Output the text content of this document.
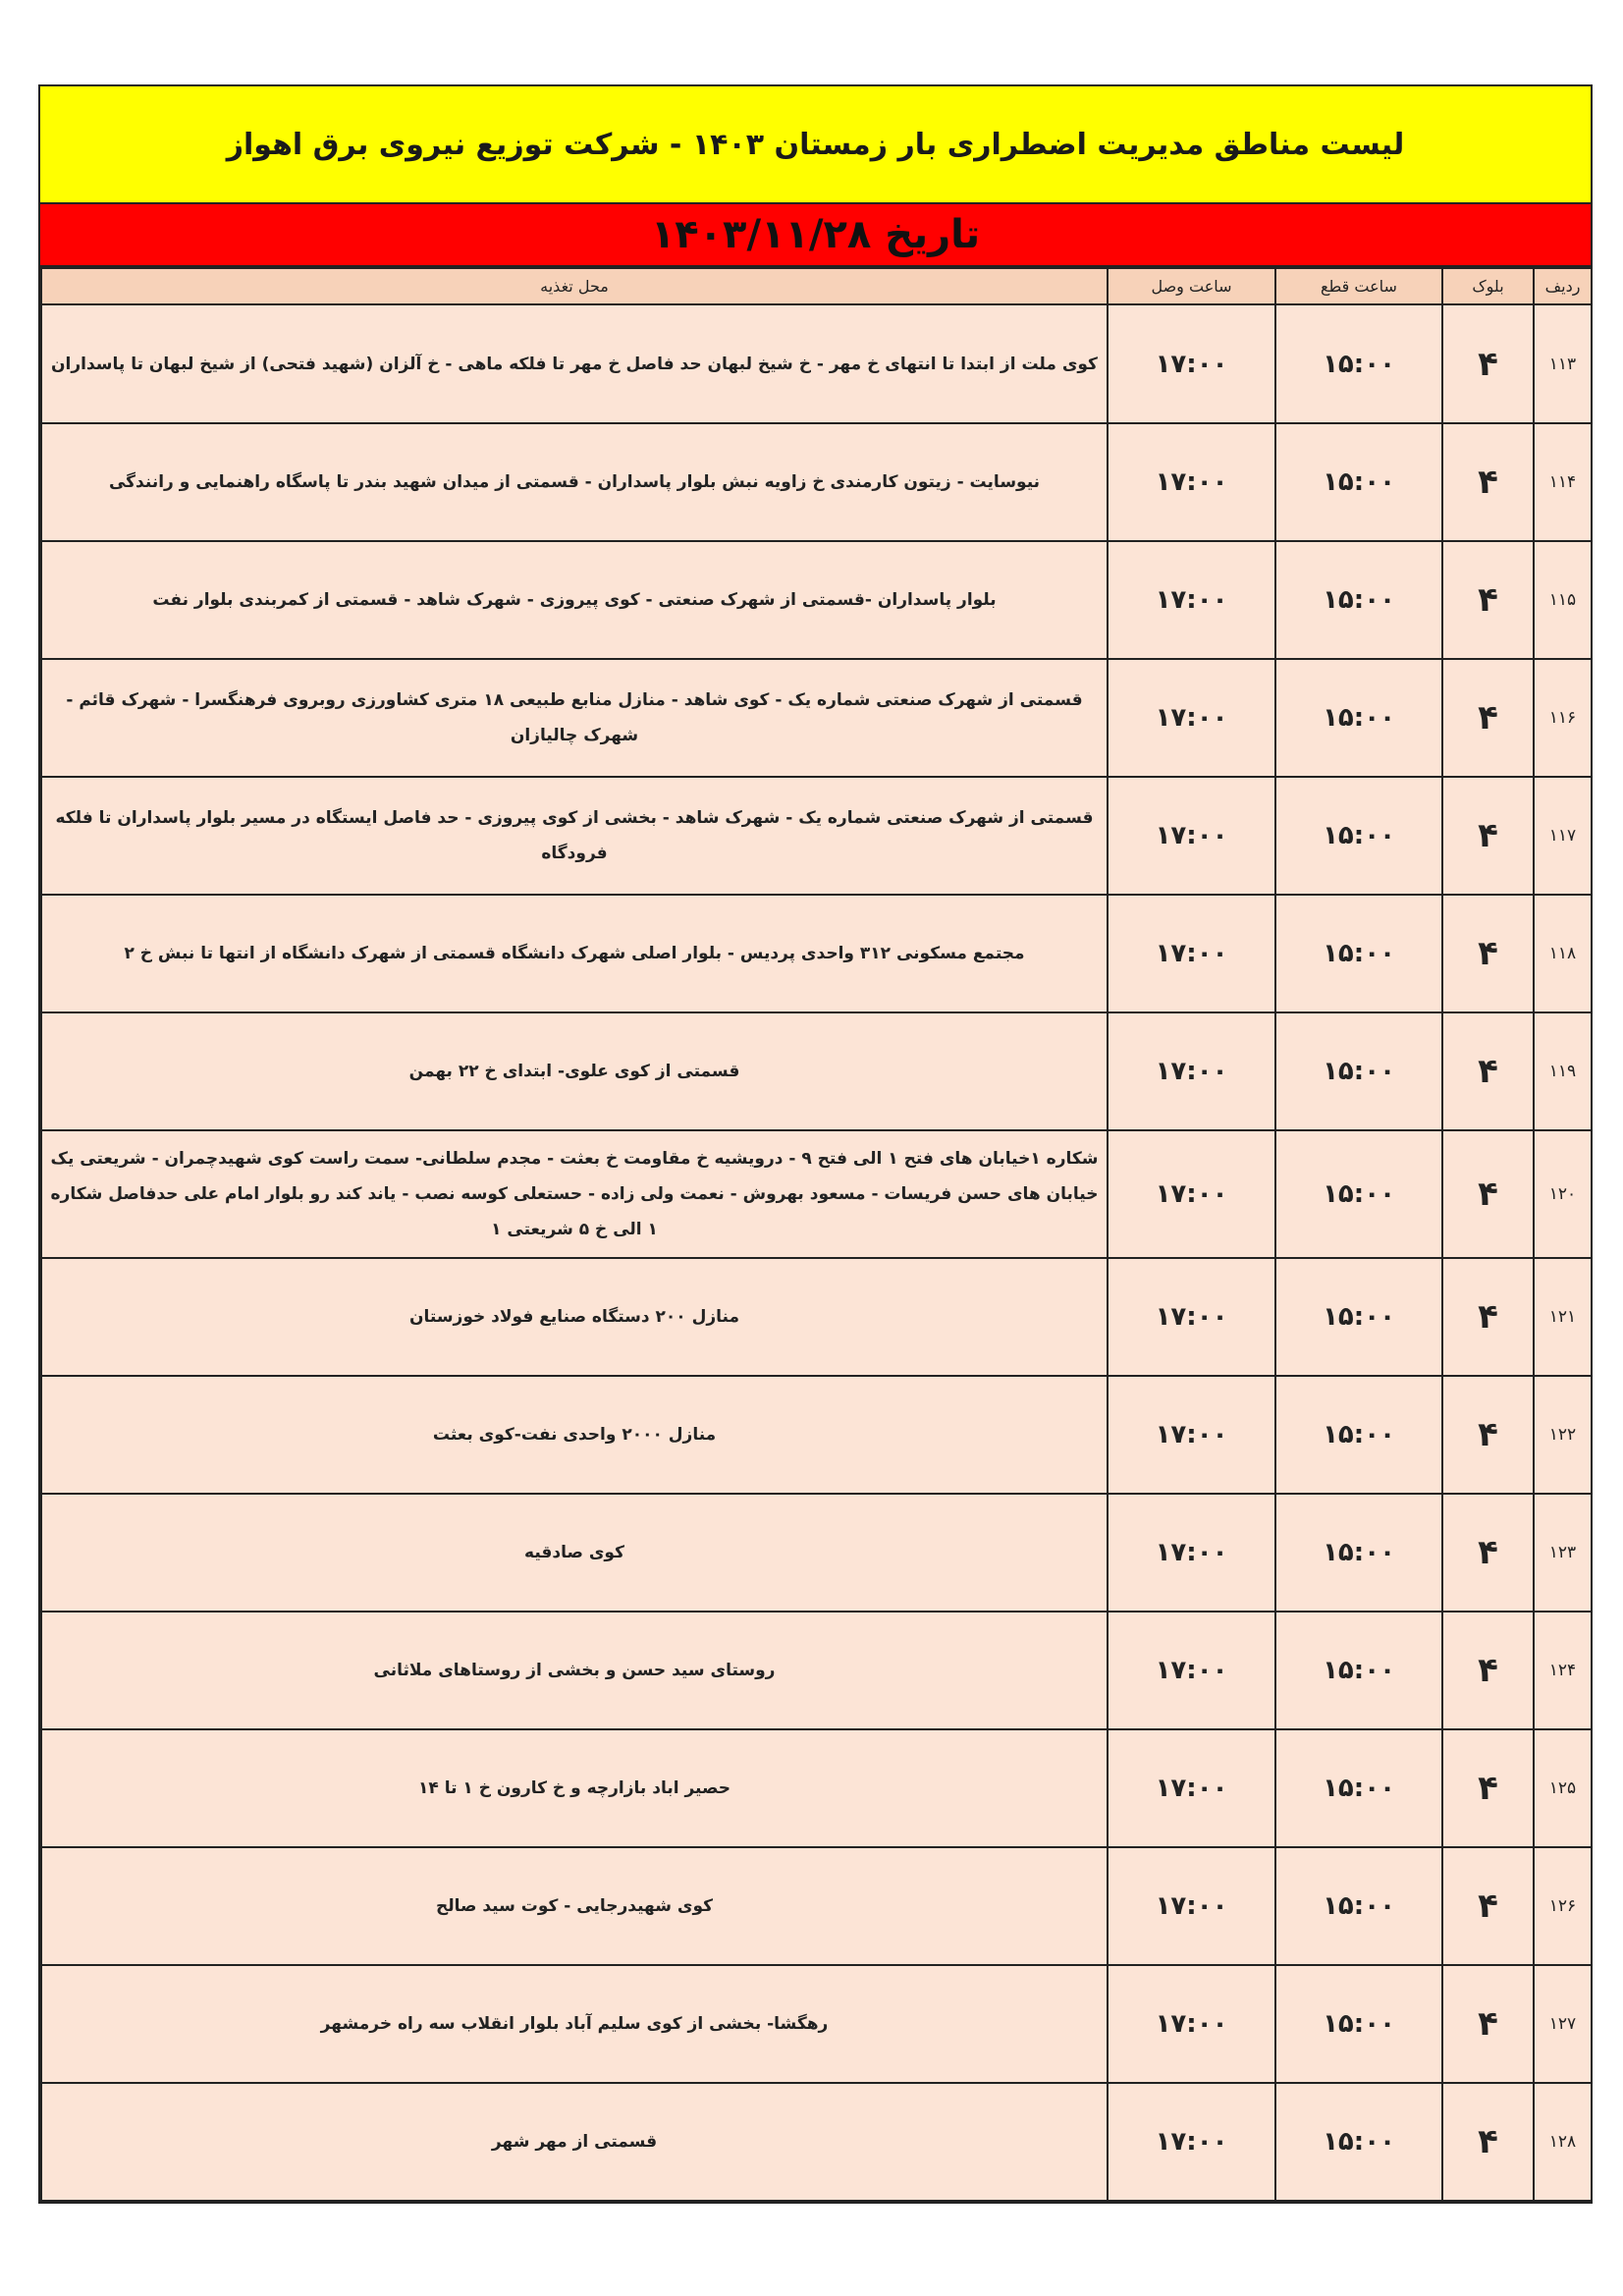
لیست مناطق مدیریت اضطراری بار زمستان ۱۴۰۳ - شرکت توزیع نیروی برق اهواز
تاریخ ۱۴۰۳/۱۱/۲۸
ردیف	بلوک	ساعت قطع	ساعت وصل	محل تغذیه
۱۱۳	۴	۱۵:۰۰	۱۷:۰۰	کوی ملت از ابتدا تا انتهای خ مهر - خ شیخ لبهان حد فاصل خ مهر تا فلکه ماهی - خ آلزان (شهید فتحی) از شیخ لبهان تا پاسداران
۱۱۴	۴	۱۵:۰۰	۱۷:۰۰	نیوسایت - زیتون کارمندی خ زاویه نبش بلوار پاسداران - قسمتی از میدان شهید بندر تا پاسگاه راهنمایی و رانندگی
۱۱۵	۴	۱۵:۰۰	۱۷:۰۰	بلوار پاسداران -قسمتی از شهرک صنعتی - کوی پیروزی - شهرک شاهد - قسمتی از کمربندی بلوار نفت
۱۱۶	۴	۱۵:۰۰	۱۷:۰۰	قسمتی از شهرک صنعتی شماره یک - کوی شاهد - منازل منابع طبیعی ۱۸ متری کشاورزی روبروی فرهنگسرا - شهرک قائم - شهرک چالیازان
۱۱۷	۴	۱۵:۰۰	۱۷:۰۰	قسمتی از شهرک صنعتی شماره یک - شهرک شاهد - بخشی از کوی پیروزی - حد فاصل ایستگاه در مسیر بلوار پاسداران تا فلکه فرودگاه
۱۱۸	۴	۱۵:۰۰	۱۷:۰۰	مجتمع مسکونی ۳۱۲ واحدی پردیس - بلوار اصلی شهرک دانشگاه قسمتی از شهرک دانشگاه از انتها تا نبش خ ۲
۱۱۹	۴	۱۵:۰۰	۱۷:۰۰	قسمتی از کوی علوی- ابتدای خ ۲۲ بهمن
۱۲۰	۴	۱۵:۰۰	۱۷:۰۰	شکاره ۱خیابان های فتح ۱ الی فتح ۹ - درویشیه خ مقاومت خ بعثت - مجدم سلطانی- سمت راست کوی شهیدچمران - شریعتی یک خیابان های حسن فریسات - مسعود بهروش - نعمت ولی زاده - حستعلی کوسه نصب - یاند کند رو بلوار امام علی حدفاصل شکاره ۱ الی خ ۵ شریعتی ۱
۱۲۱	۴	۱۵:۰۰	۱۷:۰۰	منازل ۲۰۰ دستگاه صنایع فولاد خوزستان
۱۲۲	۴	۱۵:۰۰	۱۷:۰۰	منازل ۲۰۰۰ واحدی نفت-کوی بعثت
۱۲۳	۴	۱۵:۰۰	۱۷:۰۰	کوی صادقیه
۱۲۴	۴	۱۵:۰۰	۱۷:۰۰	روستای سید حسن و بخشی از روستاهای ملاثانی
۱۲۵	۴	۱۵:۰۰	۱۷:۰۰	حصیر اباد بازارچه و خ کارون خ ۱ تا ۱۴
۱۲۶	۴	۱۵:۰۰	۱۷:۰۰	کوی شهیدرجایی - کوت سید صالح
۱۲۷	۴	۱۵:۰۰	۱۷:۰۰	رهگشا- بخشی از کوی سلیم آباد بلوار انقلاب سه راه خرمشهر
۱۲۸	۴	۱۵:۰۰	۱۷:۰۰	قسمتی از مهر شهر
